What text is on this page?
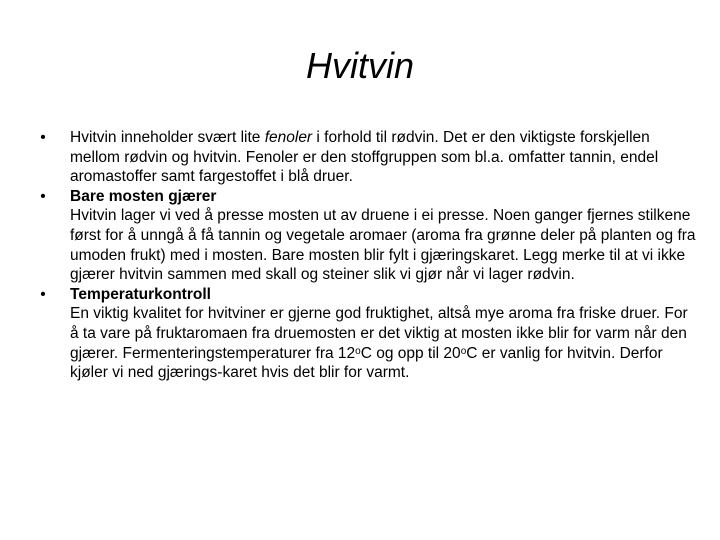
Hvitvin
• Hvitvin inneholder svært lite fenoler i forhold til rødvin. Det er den viktigste forskjellen mellom rødvin og hvitvin. Fenoler er den stoffgruppen som bl.a. omfatter tannin, endel aromastoffer samt fargestoffet i blå druer.
• Bare mosten gjærer
Hvitvin lager vi ved å presse mosten ut av druene i ei presse. Noen ganger fjernes stilkene først for å unngå å få tannin og vegetale aromaer (aroma fra grønne deler på planten og fra umoden frukt) med i mosten. Bare mosten blir fylt i gjæringskaret. Legg merke til at vi ikke gjærer hvitvin sammen med skall og steiner slik vi gjør når vi lager rødvin.
• Temperaturkontroll
En viktig kvalitet for hvitviner er gjerne god fruktighet, altså mye aroma fra friske druer. For å ta vare på fruktaromaen fra druemosten er det viktig at mosten ikke blir for varm når den gjærer. Fermenteringstemperaturer fra 12$^o$C og opp til 20$^o$C er vanlig for hvitvin. Derfor kjøler vi ned gjærings-karet hvis det blir for varmt.
